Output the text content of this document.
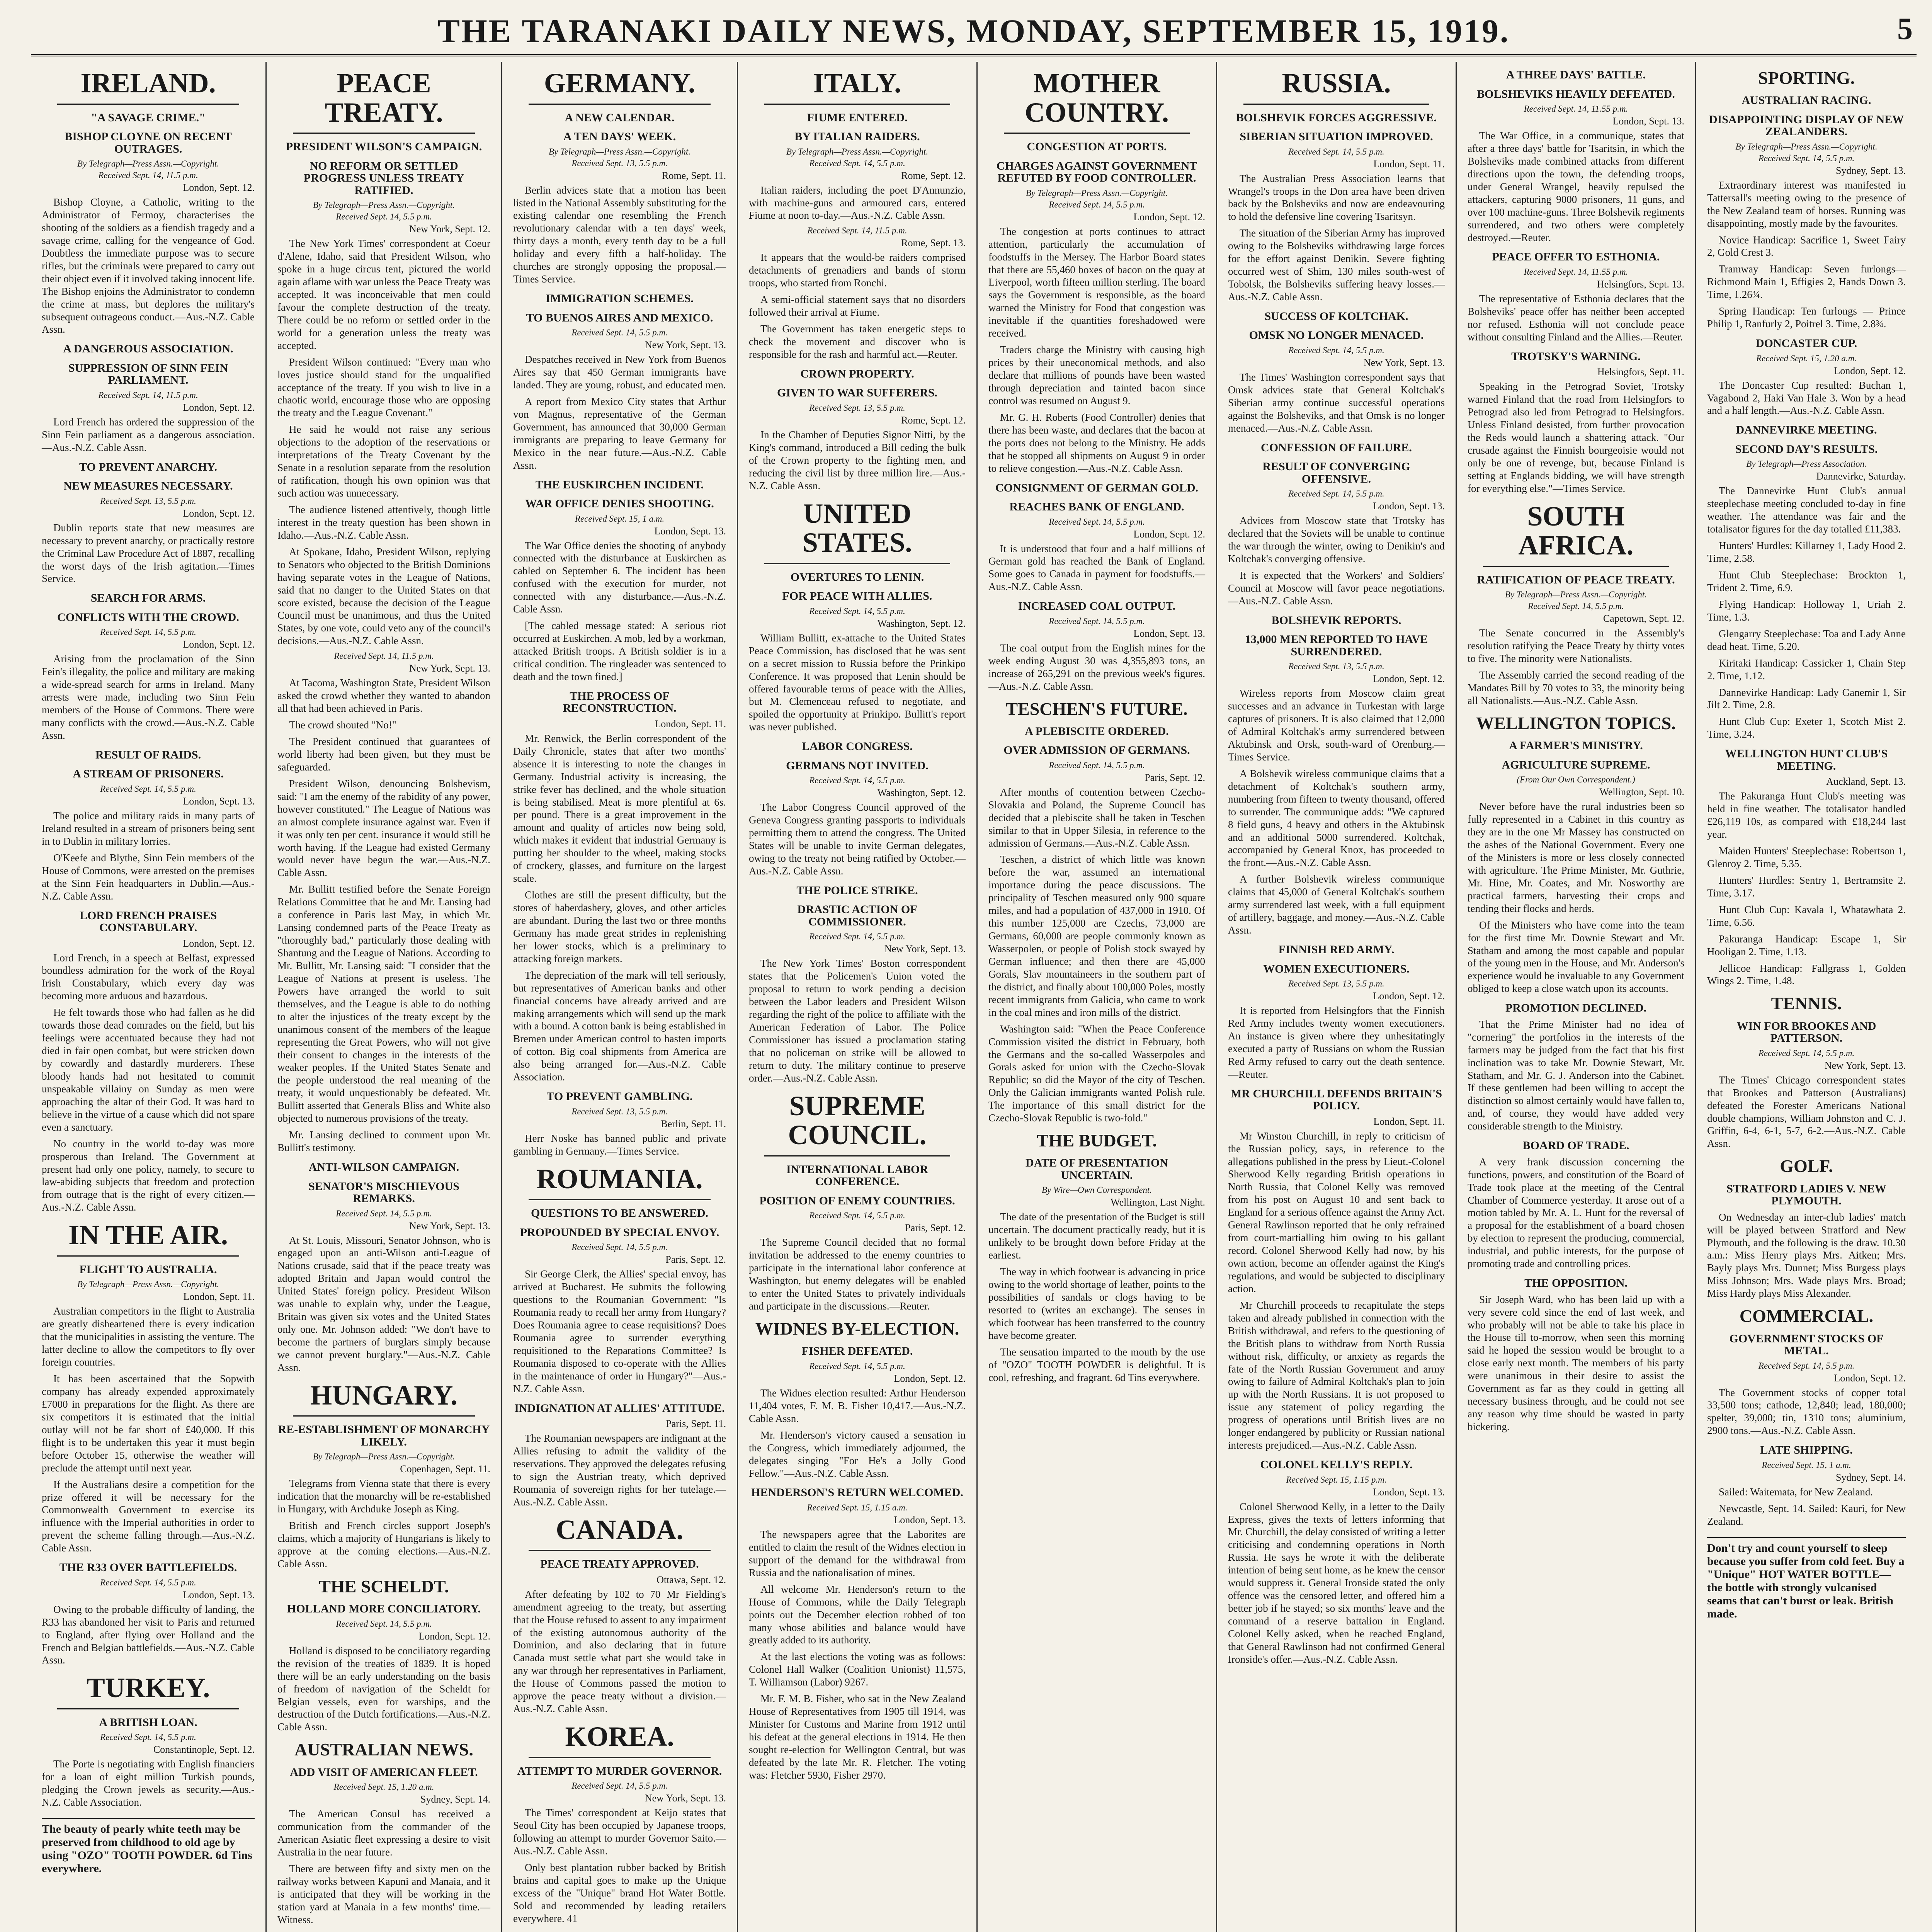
THE TARANAKI DAILY NEWS, MONDAY, SEPTEMBER 15, 1919.	5
IRELAND.
"A SAVAGE CRIME."
BISHOP CLOYNE ON RECENT OUTRAGES.
By Telegraph—Press Assn.—Copyright.
Received Sept. 14, 11.5 p.m.
London, Sept. 12.

Bishop Cloyne, a Catholic, writing to the Administrator of Fermoy, characterises the shooting of the soldiers as a fiendish tragedy and a savage crime, calling for the vengeance of God. Doubtless the immediate purpose was to secure rifles, but the criminals were prepared to carry out their object even if it involved taking innocent life. The Bishop enjoins the Administrator to condemn the crime at mass, but deplores the military's subsequent outrageous conduct.—Aus.-N.Z. Cable Assn.

A DANGEROUS ASSOCIATION.
SUPPRESSION OF SINN FEIN PARLIAMENT.
Received Sept. 14, 11.5 p.m.
London, Sept. 12.

Lord French has ordered the suppression of the Sinn Fein parliament as a dangerous association.—Aus.-N.Z. Cable Assn.

TO PREVENT ANARCHY.
NEW MEASURES NECESSARY.
Received Sept. 13, 5.5 p.m.
London, Sept. 12.

Dublin reports state that new measures are necessary to prevent anarchy, or practically restore the Criminal Law Procedure Act of 1887, recalling the worst days of the Irish agitation.—Times Service.

SEARCH FOR ARMS.
CONFLICTS WITH THE CROWD.
Received Sept. 14, 5.5 p.m.
London, Sept. 12.

Arising from the proclamation of the Sinn Fein's illegality, the police and military are making a wide-spread search for arms in Ireland. Many arrests were made, including two Sinn Fein members of the House of Commons. There were many conflicts with the crowd.—Aus.-N.Z. Cable Assn.

RESULT OF RAIDS.
A STREAM OF PRISONERS.
Received Sept. 14, 5.5 p.m.
London, Sept. 13.

The police and military raids in many parts of Ireland resulted in a stream of prisoners being sent in to Dublin in military lorries.

O'Keefe and Blythe, Sinn Fein members of the House of Commons, were arrested on the premises at the Sinn Fein headquarters in Dublin.—Aus.-N.Z. Cable Assn.

LORD FRENCH PRAISES CONSTABULARY.
London, Sept. 12.

Lord French, in a speech at Belfast, expressed boundless admiration for the work of the Royal Irish Constabulary, which every day was becoming more arduous and hazardous.

He felt towards those who had fallen as he did towards those dead comrades on the field, but his feelings were accentuated because they had not died in fair open combat, but were stricken down by cowardly and dastardly murderers. These bloody hands had not hesitated to commit unspeakable villainy on Sunday as men were approaching the altar of their God. It was hard to believe in the virtue of a cause which did not spare even a sanctuary.

No country in the world to-day was more prosperous than Ireland. The Government at present had only one policy, namely, to secure to law-abiding subjects that freedom and protection from outrage that is the right of every citizen.—Aus.-N.Z. Cable Assn.

IN THE AIR.
FLIGHT TO AUSTRALIA.
By Telegraph—Press Assn.—Copyright.
London, Sept. 11.

Australian competitors in the flight to Australia are greatly disheartened there is every indication that the municipalities in assisting the venture. The latter decline to allow the competitors to fly over foreign countries.

It has been ascertained that the Sopwith company has already expended approximately £7000 in preparations for the flight. As there are six competitors it is estimated that the initial outlay will not be far short of £40,000. If this flight is to be undertaken this year it must begin before October 15, otherwise the weather will preclude the attempt until next year.

If the Australians desire a competition for the prize offered it will be necessary for the Commonwealth Government to exercise its influence with the Imperial authorities in order to prevent the scheme falling through.—Aus.-N.Z. Cable Assn.

THE R33 OVER BATTLEFIELDS.
Received Sept. 14, 5.5 p.m.
London, Sept. 13.

Owing to the probable difficulty of landing, the R33 has abandoned her visit to Paris and returned to England, after flying over Holland and the French and Belgian battlefields.—Aus.-N.Z. Cable Assn.

TURKEY.
A BRITISH LOAN.
Received Sept. 14, 5.5 p.m.
Constantinople, Sept. 12.

The Porte is negotiating with English financiers for a loan of eight million Turkish pounds, pledging the Crown jewels as security.—Aus.-N.Z. Cable Association.

The beauty of pearly white teeth may be preserved from childhood to old age by using "OZO" TOOTH POWDER. 6d Tins everywhere.
PEACE TREATY.
PRESIDENT WILSON'S CAMPAIGN.
NO REFORM OR SETTLED PROGRESS UNLESS TREATY RATIFIED.
By Telegraph—Press Assn.—Copyright.
Received Sept. 14, 5.5 p.m.
New York, Sept. 12.

The New York Times' correspondent at Coeur d'Alene, Idaho, said that President Wilson, who spoke in a huge circus tent, pictured the world again aflame with war unless the Peace Treaty was accepted. It was inconceivable that men could favour the complete destruction of the treaty. There could be no reform or settled order in the world for a generation unless the treaty was accepted.

President Wilson continued: "Every man who loves justice should stand for the unqualified acceptance of the treaty. If you wish to live in a chaotic world, encourage those who are opposing the treaty and the League Covenant."

He said he would not raise any serious objections to the adoption of the reservations or interpretations of the Treaty Covenant by the Senate in a resolution separate from the resolution of ratification, though his own opinion was that such action was unnecessary.

The audience listened attentively, though little interest in the treaty question has been shown in Idaho.—Aus.-N.Z. Cable Assn.

At Spokane, Idaho, President Wilson, replying to Senators who objected to the British Dominions having separate votes in the League of Nations, said that no danger to the United States on that score existed, because the decision of the League Council must be unanimous, and thus the United States, by one vote, could veto any of the council's decisions.—Aus.-N.Z. Cable Assn.

Received Sept. 14, 11.5 p.m.
New York, Sept. 13.

At Tacoma, Washington State, President Wilson asked the crowd whether they wanted to abandon all that had been achieved in Paris.

The crowd shouted "No!"

The President continued that guarantees of world liberty had been given, but they must be safeguarded.

President Wilson, denouncing Bolshevism, said: "I am the enemy of the rabidity of any power, however constituted." The League of Nations was an almost complete insurance against war. Even if it was only ten per cent. insurance it would still be worth having. If the League had existed Germany would never have begun the war.—Aus.-N.Z. Cable Assn.

Mr. Bullitt testified before the Senate Foreign Relations Committee that he and Mr. Lansing had a conference in Paris last May, in which Mr. Lansing condemned parts of the Peace Treaty as "thoroughly bad," particularly those dealing with Shantung and the League of Nations. According to Mr. Bullitt, Mr. Lansing said: "I consider that the League of Nations at present is useless. The Powers have arranged the world to suit themselves, and the League is able to do nothing to alter the injustices of the treaty except by the unanimous consent of the members of the league representing the Great Powers, who will not give their consent to changes in the interests of the weaker peoples. If the United States Senate and the people understood the real meaning of the treaty, it would unquestionably be defeated. Mr. Bullitt asserted that Generals Bliss and White also objected to numerous provisions of the treaty.

Mr. Lansing declined to comment upon Mr. Bullitt's testimony.

ANTI-WILSON CAMPAIGN.
SENATOR'S MISCHIEVOUS REMARKS.
Received Sept. 14, 5.5 p.m.
New York, Sept. 13.

At St. Louis, Missouri, Senator Johnson, who is engaged upon an anti-Wilson anti-League of Nations crusade, said that if the peace treaty was adopted Britain and Japan would control the United States' foreign policy. President Wilson was unable to explain why, under the League, Britain was given six votes and the United States only one. Mr. Johnson added: "We don't have to become the partners of burglars simply because we cannot prevent burglary."—Aus.-N.Z. Cable Assn.

HUNGARY.
RE-ESTABLISHMENT OF MONARCHY LIKELY.
By Telegraph—Press Assn.—Copyright.
Copenhagen, Sept. 11.

Telegrams from Vienna state that there is every indication that the monarchy will be re-established in Hungary, with Archduke Joseph as King.

British and French circles support Joseph's claims, which a majority of Hungarians is likely to approve at the coming elections.—Aus.-N.Z. Cable Assn.

THE SCHELDT.
HOLLAND MORE CONCILIATORY.
Received Sept. 14, 5.5 p.m.
London, Sept. 12.

Holland is disposed to be conciliatory regarding the revision of the treaties of 1839. It is hoped there will be an early understanding on the basis of freedom of navigation of the Scheldt for Belgian vessels, even for warships, and the destruction of the Dutch fortifications.—Aus.-N.Z. Cable Assn.

AUSTRALIAN NEWS.
ADD VISIT OF AMERICAN FLEET.
Received Sept. 15, 1.20 a.m.
Sydney, Sept. 14.

The American Consul has received a communication from the commander of the American Asiatic fleet expressing a desire to visit Australia in the near future.

There are between fifty and sixty men on the railway works between Kapuni and Manaia, and it is anticipated that they will be working in the station yard at Manaia in a few months' time.—Witness.

GERMANY.
A NEW CALENDAR.
A TEN DAYS' WEEK.
By Telegraph—Press Assn.—Copyright.
Received Sept. 13, 5.5 p.m.
Rome, Sept. 11.

Berlin advices state that a motion has been listed in the National Assembly substituting for the existing calendar one resembling the French revolutionary calendar with a ten days' week, thirty days a month, every tenth day to be a full holiday and every fifth a half-holiday. The churches are strongly opposing the proposal.—Times Service.

IMMIGRATION SCHEMES.
TO BUENOS AIRES AND MEXICO.
Received Sept. 14, 5.5 p.m.
New York, Sept. 13.

Despatches received in New York from Buenos Aires say that 450 German immigrants have landed. They are young, robust, and educated men.

A report from Mexico City states that Arthur von Magnus, representative of the German Government, has announced that 30,000 German immigrants are preparing to leave Germany for Mexico in the near future.—Aus.-N.Z. Cable Assn.

THE EUSKIRCHEN INCIDENT.
WAR OFFICE DENIES SHOOTING.
Received Sept. 15, 1 a.m.
London, Sept. 13.

The War Office denies the shooting of anybody connected with the disturbance at Euskirchen as cabled on September 6. The incident has been confused with the execution for murder, not connected with any disturbance.—Aus.-N.Z. Cable Assn.

[The cabled message stated: A serious riot occurred at Euskirchen. A mob, led by a workman, attacked British troops. A British soldier is in a critical condition. The ringleader was sentenced to death and the town fined.]

THE PROCESS OF RECONSTRUCTION.
London, Sept. 11.

Mr. Renwick, the Berlin correspondent of the Daily Chronicle, states that after two months' absence it is interesting to note the changes in Germany. Industrial activity is increasing, the strike fever has declined, and the whole situation is being stabilised. Meat is more plentiful at 6s. per pound. There is a great improvement in the amount and quality of articles now being sold, which makes it evident that industrial Germany is putting her shoulder to the wheel, making stocks of crockery, glasses, and furniture on the largest scale.

Clothes are still the present difficulty, but the stores of haberdashery, gloves, and other articles are abundant. During the last two or three months Germany has made great strides in replenishing her lower stocks, which is a preliminary to attacking foreign markets.

The depreciation of the mark will tell seriously, but representatives of American banks and other financial concerns have already arrived and are making arrangements which will send up the mark with a bound. A cotton bank is being established in Bremen under American control to hasten imports of cotton. Big coal shipments from America are also being arranged for.—Aus.-N.Z. Cable Association.

TO PREVENT GAMBLING.
Received Sept. 13, 5.5 p.m.
Berlin, Sept. 11.

Herr Noske has banned public and private gambling in Germany.—Times Service.

ROUMANIA.
QUESTIONS TO BE ANSWERED.
PROPOUNDED BY SPECIAL ENVOY.
Received Sept. 14, 5.5 p.m.
Paris, Sept. 12.

Sir George Clerk, the Allies' special envoy, has arrived at Bucharest. He submits the following questions to the Roumanian Government: "Is Roumania ready to recall her army from Hungary? Does Roumania agree to cease requisitions? Does Roumania agree to surrender everything requisitioned to the Reparations Committee? Is Roumania disposed to co-operate with the Allies in the maintenance of order in Hungary?"—Aus.-N.Z. Cable Assn.

INDIGNATION AT ALLIES' ATTITUDE.
Paris, Sept. 11.

The Roumanian newspapers are indignant at the Allies refusing to admit the validity of the reservations. They approved the delegates refusing to sign the Austrian treaty, which deprived Roumania of sovereign rights for her tutelage.—Aus.-N.Z. Cable Assn.

CANADA.
PEACE TREATY APPROVED.
Ottawa, Sept. 12.

After defeating by 102 to 70 Mr Fielding's amendment agreeing to the treaty, but asserting that the House refused to assent to any impairment of the existing autonomous authority of the Dominion, and also declaring that in future Canada must settle what part she would take in any war through her representatives in Parliament, the House of Commons passed the motion to approve the peace treaty without a division.—Aus.-N.Z. Cable Assn.

KOREA.
ATTEMPT TO MURDER GOVERNOR.
Received Sept. 14, 5.5 p.m.
New York, Sept. 13.

The Times' correspondent at Keijo states that Seoul City has been occupied by Japanese troops, following an attempt to murder Governor Saito.—Aus.-N.Z. Cable Assn.

Only best plantation rubber backed by British brains and capital goes to make up the Unique excess of the "Unique" brand Hot Water Bottle. Sold and recommended by leading retailers everywhere. 41

ITALY.
FIUME ENTERED.
BY ITALIAN RAIDERS.
By Telegraph—Press Assn.—Copyright.
Received Sept. 14, 5.5 p.m.
Rome, Sept. 12.

Italian raiders, including the poet D'Annunzio, with machine-guns and armoured cars, entered Fiume at noon to-day.—Aus.-N.Z. Cable Assn.

Received Sept. 14, 11.5 p.m.
Rome, Sept. 13.

It appears that the would-be raiders comprised detachments of grenadiers and bands of storm troops, who started from Ronchi.

A semi-official statement says that no disorders followed their arrival at Fiume.

The Government has taken energetic steps to check the movement and discover who is responsible for the rash and harmful act.—Reuter.

CROWN PROPERTY.
GIVEN TO WAR SUFFERERS.
Received Sept. 13, 5.5 p.m.
Rome, Sept. 12.

In the Chamber of Deputies Signor Nitti, by the King's command, introduced a Bill ceding the bulk of the Crown property to the fighting men, and reducing the civil list by three million lire.—Aus.-N.Z. Cable Assn.

UNITED STATES.
OVERTURES TO LENIN.
FOR PEACE WITH ALLIES.
Received Sept. 14, 5.5 p.m.
Washington, Sept. 12.

William Bullitt, ex-attache to the United States Peace Commission, has disclosed that he was sent on a secret mission to Russia before the Prinkipo Conference. It was proposed that Lenin should be offered favourable terms of peace with the Allies, but M. Clemenceau refused to negotiate, and spoiled the opportunity at Prinkipo. Bullitt's report was never published.

LABOR CONGRESS.
GERMANS NOT INVITED.
Received Sept. 14, 5.5 p.m.
Washington, Sept. 12.

The Labor Congress Council approved of the Geneva Congress granting passports to individuals permitting them to attend the congress. The United States will be unable to invite German delegates, owing to the treaty not being ratified by October.—Aus.-N.Z. Cable Assn.

THE POLICE STRIKE.
DRASTIC ACTION OF COMMISSIONER.
Received Sept. 14, 5.5 p.m.
New York, Sept. 13.

The New York Times' Boston correspondent states that the Policemen's Union voted the proposal to return to work pending a decision between the Labor leaders and President Wilson regarding the right of the police to affiliate with the American Federation of Labor. The Police Commissioner has issued a proclamation stating that no policeman on strike will be allowed to return to duty. The military continue to preserve order.—Aus.-N.Z. Cable Assn.

SUPREME COUNCIL.
INTERNATIONAL LABOR CONFERENCE.
POSITION OF ENEMY COUNTRIES.
Received Sept. 14, 5.5 p.m.
Paris, Sept. 12.

The Supreme Council decided that no formal invitation be addressed to the enemy countries to participate in the international labor conference at Washington, but enemy delegates will be enabled to enter the United States to privately individuals and participate in the discussions.—Reuter.

WIDNES BY-ELECTION.
FISHER DEFEATED.
Received Sept. 14, 5.5 p.m.
London, Sept. 12.

The Widnes election resulted: Arthur Henderson 11,404 votes, F. M. B. Fisher 10,417.—Aus.-N.Z. Cable Assn.

Mr. Henderson's victory caused a sensation in the Congress, which immediately adjourned, the delegates singing "For He's a Jolly Good Fellow."—Aus.-N.Z. Cable Assn.

HENDERSON'S RETURN WELCOMED.
Received Sept. 15, 1.15 a.m.
London, Sept. 13.

The newspapers agree that the Laborites are entitled to claim the result of the Widnes election in support of the demand for the withdrawal from Russia and the nationalisation of mines.

All welcome Mr. Henderson's return to the House of Commons, while the Daily Telegraph points out the December election robbed of too many whose abilities and balance would have greatly added to its authority.

At the last elections the voting was as follows: Colonel Hall Walker (Coalition Unionist) 11,575, T. Williamson (Labor) 9267.

Mr. F. M. B. Fisher, who sat in the New Zealand House of Representatives from 1905 till 1914, was Minister for Customs and Marine from 1912 until his defeat at the general elections in 1914. He then sought re-election for Wellington Central, but was defeated by the late Mr. R. Fletcher. The voting was: Fletcher 5930, Fisher 2970.

MOTHER COUNTRY.
CONGESTION AT PORTS.
CHARGES AGAINST GOVERNMENT REFUTED BY FOOD CONTROLLER.
By Telegraph—Press Assn.—Copyright.
Received Sept. 14, 5.5 p.m.
London, Sept. 12.

The congestion at ports continues to attract attention, particularly the accumulation of foodstuffs in the Mersey. The Harbor Board states that there are 55,460 boxes of bacon on the quay at Liverpool, worth fifteen million sterling. The board says the Government is responsible, as the board warned the Ministry for Food that congestion was inevitable if the quantities foreshadowed were received.

Traders charge the Ministry with causing high prices by their uneconomical methods, and also declare that millions of pounds have been wasted through depreciation and tainted bacon since control was resumed on August 9.

Mr. G. H. Roberts (Food Controller) denies that there has been waste, and declares that the bacon at the ports does not belong to the Ministry. He adds that he stopped all shipments on August 9 in order to relieve congestion.—Aus.-N.Z. Cable Assn.

CONSIGNMENT OF GERMAN GOLD.
REACHES BANK OF ENGLAND.
Received Sept. 14, 5.5 p.m.
London, Sept. 12.

It is understood that four and a half millions of German gold has reached the Bank of England. Some goes to Canada in payment for foodstuffs.—Aus.-N.Z. Cable Assn.

INCREASED COAL OUTPUT.
Received Sept. 14, 5.5 p.m.
London, Sept. 13.

The coal output from the English mines for the week ending August 30 was 4,355,893 tons, an increase of 265,291 on the previous week's figures.—Aus.-N.Z. Cable Assn.

TESCHEN'S FUTURE.
A PLEBISCITE ORDERED.
OVER ADMISSION OF GERMANS.
Received Sept. 14, 5.5 p.m.
Paris, Sept. 12.

After months of contention between Czecho-Slovakia and Poland, the Supreme Council has decided that a plebiscite shall be taken in Teschen similar to that in Upper Silesia, in reference to the admission of Germans.—Aus.-N.Z. Cable Assn.

Teschen, a district of which little was known before the war, assumed an international importance during the peace discussions. The principality of Teschen measured only 900 square miles, and had a population of 437,000 in 1910. Of this number 125,000 are Czechs, 73,000 are Germans, 60,000 are people commonly known as Wasserpolen, or people of Polish stock swayed by German influence; and then there are 45,000 Gorals, Slav mountaineers in the southern part of the district, and finally about 100,000 Poles, mostly recent immigrants from Galicia, who came to work in the coal mines and iron mills of the district.

Washington said: "When the Peace Conference Commission visited the district in February, both the Germans and the so-called Wasserpoles and Gorals asked for union with the Czecho-Slovak Republic; so did the Mayor of the city of Teschen. Only the Galician immigrants wanted Polish rule. The importance of this small district for the Czecho-Slovak Republic is two-fold."

THE BUDGET.
DATE OF PRESENTATION UNCERTAIN.
By Wire—Own Correspondent.
Wellington, Last Night.

The date of the presentation of the Budget is still uncertain. The document practically ready, but it is unlikely to be brought down before Friday at the earliest.

The way in which footwear is advancing in price owing to the world shortage of leather, points to the possibilities of sandals or clogs having to be resorted to (writes an exchange). The senses in which footwear has been transferred to the country have become greater.

The sensation imparted to the mouth by the use of "OZO" TOOTH POWDER is delightful. It is cool, refreshing, and fragrant. 6d Tins everywhere.

RUSSIA.
BOLSHEVIK FORCES AGGRESSIVE.
SIBERIAN SITUATION IMPROVED.
Received Sept. 14, 5.5 p.m.
London, Sept. 11.

The Australian Press Association learns that Wrangel's troops in the Don area have been driven back by the Bolsheviks and now are endeavouring to hold the defensive line covering Tsaritsyn.

The situation of the Siberian Army has improved owing to the Bolsheviks withdrawing large forces for the effort against Denikin. Severe fighting occurred west of Shim, 130 miles south-west of Tobolsk, the Bolsheviks suffering heavy losses.—Aus.-N.Z. Cable Assn.

SUCCESS OF KOLTCHAK.
OMSK NO LONGER MENACED.
Received Sept. 14, 5.5 p.m.
New York, Sept. 13.

The Times' Washington correspondent says that Omsk advices state that General Koltchak's Siberian army continue successful operations against the Bolsheviks, and that Omsk is no longer menaced.—Aus.-N.Z. Cable Assn.

CONFESSION OF FAILURE.
RESULT OF CONVERGING OFFENSIVE.
Received Sept. 14, 5.5 p.m.
London, Sept. 13.

Advices from Moscow state that Trotsky has declared that the Soviets will be unable to continue the war through the winter, owing to Denikin's and Koltchak's converging offensive.

It is expected that the Workers' and Soldiers' Council at Moscow will favor peace negotiations.—Aus.-N.Z. Cable Assn.

BOLSHEVIK REPORTS.
13,000 MEN REPORTED TO HAVE SURRENDERED.
Received Sept. 13, 5.5 p.m.
London, Sept. 12.

Wireless reports from Moscow claim great successes and an advance in Turkestan with large captures of prisoners. It is also claimed that 12,000 of Admiral Koltchak's army surrendered between Aktubinsk and Orsk, south-ward of Orenburg.—Times Service.

A Bolshevik wireless communique claims that a detachment of Koltchak's southern army, numbering from fifteen to twenty thousand, offered to surrender. The communique adds: "We captured 8 field guns, 4 heavy and others in the Aktubinsk and an additional 5000 surrendered. Koltchak, accompanied by General Knox, has proceeded to the front.—Aus.-N.Z. Cable Assn.

A further Bolshevik wireless communique claims that 45,000 of General Koltchak's southern army surrendered last week, with a full equipment of artillery, baggage, and money.—Aus.-N.Z. Cable Assn.

FINNISH RED ARMY.
WOMEN EXECUTIONERS.
Received Sept. 13, 5.5 p.m.
London, Sept. 12.

It is reported from Helsingfors that the Finnish Red Army includes twenty women executioners. An instance is given where they unhesitatingly executed a party of Russians on whom the Russian Red Army refused to carry out the death sentence.—Reuter.

MR CHURCHILL DEFENDS BRITAIN'S POLICY.
London, Sept. 11.

Mr Winston Churchill, in reply to criticism of the Russian policy, says, in reference to the allegations published in the press by Lieut.-Colonel Sherwood Kelly regarding British operations in North Russia, that Colonel Kelly was removed from his post on August 10 and sent back to England for a serious offence against the Army Act. General Rawlinson reported that he only refrained from court-martialling him owing to his gallant record. Colonel Sherwood Kelly had now, by his own action, become an offender against the King's regulations, and would be subjected to disciplinary action.

Mr Churchill proceeds to recapitulate the steps taken and already published in connection with the British withdrawal, and refers to the questioning of the British plans to withdraw from North Russia without risk, difficulty, or anxiety as regards the fate of the North Russian Government and army owing to failure of Admiral Koltchak's plan to join up with the North Russians. It is not proposed to issue any statement of policy regarding the progress of operations until British lives are no longer endangered by publicity or Russian national interests prejudiced.—Aus.-N.Z. Cable Assn.

COLONEL KELLY'S REPLY.
Received Sept. 15, 1.15 p.m.
London, Sept. 13.

Colonel Sherwood Kelly, in a letter to the Daily Express, gives the texts of letters informing that Mr. Churchill, the delay consisted of writing a letter criticising and condemning operations in North Russia. He says he wrote it with the deliberate intention of being sent home, as he knew the censor would suppress it. General Ironside stated the only offence was the censored letter, and offered him a better job if he stayed; so six months' leave and the command of a reserve battalion in England. Colonel Kelly asked, when he reached England, that General Rawlinson had not confirmed General Ironside's offer.—Aus.-N.Z. Cable Assn.

A THREE DAYS' BATTLE.
BOLSHEVIKS HEAVILY DEFEATED.
Received Sept. 14, 11.55 p.m.
London, Sept. 13.

The War Office, in a communique, states that after a three days' battle for Tsaritsin, in which the Bolsheviks made combined attacks from different directions upon the town, the defending troops, under General Wrangel, heavily repulsed the attackers, capturing 9000 prisoners, 11 guns, and over 100 machine-guns. Three Bolshevik regiments surrendered, and two others were completely destroyed.—Reuter.

PEACE OFFER TO ESTHONIA.
Received Sept. 14, 11.55 p.m.
Helsingfors, Sept. 13.

The representative of Esthonia declares that the Bolsheviks' peace offer has neither been accepted nor refused. Esthonia will not conclude peace without consulting Finland and the Allies.—Reuter.

TROTSKY'S WARNING.
Helsingfors, Sept. 11.

Speaking in the Petrograd Soviet, Trotsky warned Finland that the road from Helsingfors to Petrograd also led from Petrograd to Helsingfors. Unless Finland desisted, from further provocation the Reds would launch a shattering attack. "Our crusade against the Finnish bourgeoisie would not only be one of revenge, but, because Finland is setting at Englands bidding, we will have strength for everything else."—Times Service.

SOUTH AFRICA.
RATIFICATION OF PEACE TREATY.
By Telegraph—Press Assn.—Copyright.
Received Sept. 14, 5.5 p.m.
Capetown, Sept. 12.

The Senate concurred in the Assembly's resolution ratifying the Peace Treaty by thirty votes to five. The minority were Nationalists.

The Assembly carried the second reading of the Mandates Bill by 70 votes to 33, the minority being all Nationalists.—Aus.-N.Z. Cable Assn.

WELLINGTON TOPICS.
A FARMER'S MINISTRY.
AGRICULTURE SUPREME.
(From Our Own Correspondent.)
Wellington, Sept. 10.

Never before have the rural industries been so fully represented in a Cabinet in this country as they are in the one Mr Massey has constructed on the ashes of the National Government. Every one of the Ministers is more or less closely connected with agriculture. The Prime Minister, Mr. Guthrie, Mr. Hine, Mr. Coates, and Mr. Nosworthy are practical farmers, harvesting their crops and tending their flocks and herds.

Of the Ministers who have come into the team for the first time Mr. Downie Stewart and Mr. Statham and among the most capable and popular of the young men in the House, and Mr. Anderson's experience would be invaluable to any Government obliged to keep a close watch upon its accounts.

PROMOTION DECLINED.

That the Prime Minister had no idea of "cornering" the portfolios in the interests of the farmers may be judged from the fact that his first inclination was to take Mr. Downie Stewart, Mr. Statham, and Mr. G. J. Anderson into the Cabinet. If these gentlemen had been willing to accept the distinction so almost certainly would have fallen to, and, of course, they would have added very considerable strength to the Ministry.

BOARD OF TRADE.

A very frank discussion concerning the functions, powers, and constitution of the Board of Trade took place at the meeting of the Central Chamber of Commerce yesterday. It arose out of a motion tabled by Mr. A. L. Hunt for the reversal of a proposal for the establishment of a board chosen by election to represent the producing, commercial, industrial, and public interests, for the purpose of promoting trade and controlling prices.

THE OPPOSITION.

Sir Joseph Ward, who has been laid up with a very severe cold since the end of last week, and who probably will not be able to take his place in the House till to-morrow, when seen this morning said he hoped the session would be brought to a close early next month. The members of his party were unanimous in their desire to assist the Government as far as they could in getting all necessary business through, and he could not see any reason why time should be wasted in party bickering.

SPORTING.
AUSTRALIAN RACING.
DISAPPOINTING DISPLAY OF NEW ZEALANDERS.
By Telegraph—Press Assn.—Copyright.
Received Sept. 14, 5.5 p.m.
Sydney, Sept. 13.

Extraordinary interest was manifested in Tattersall's meeting owing to the presence of the New Zealand team of horses. Running was disappointing, mostly made by the favourites.

Novice Handicap: Sacrifice 1, Sweet Fairy 2, Gold Crest 3.

Tramway Handicap: Seven furlongs—Richmond Main 1, Effigies 2, Hands Down 3. Time, 1.26¾.

Spring Handicap: Ten furlongs — Prince Philip 1, Ranfurly 2, Poitrel 3. Time, 2.8¾.

DONCASTER CUP.
Received Sept. 15, 1.20 a.m.
London, Sept. 12.

The Doncaster Cup resulted: Buchan 1, Vagabond 2, Haki Van Hale 3. Won by a head and a half length.—Aus.-N.Z. Cable Assn.

DANNEVIRKE MEETING.
SECOND DAY'S RESULTS.
By Telegraph—Press Association.
Dannevirke, Saturday.

The Dannevirke Hunt Club's annual steeplechase meeting concluded to-day in fine weather. The attendance was fair and the totalisator figures for the day totalled £11,383.

Hunters' Hurdles: Killarney 1, Lady Hood 2. Time, 2.58.

Hunt Club Steeplechase: Brockton 1, Trident 2. Time, 6.9.

Flying Handicap: Holloway 1, Uriah 2. Time, 1.3.

Glengarry Steeplechase: Toa and Lady Anne dead heat. Time, 5.20.

Kiritaki Handicap: Cassicker 1, Chain Step 2. Time, 1.12.

Dannevirke Handicap: Lady Ganemir 1, Sir Jilt 2. Time, 2.8.

Hunt Club Cup: Exeter 1, Scotch Mist 2. Time, 3.24.

WELLINGTON HUNT CLUB'S MEETING.
Auckland, Sept. 13.

The Pakuranga Hunt Club's meeting was held in fine weather. The totalisator handled £26,119 10s, as compared with £18,244 last year.

Maiden Hunters' Steeplechase: Robertson 1, Glenroy 2. Time, 5.35.

Hunters' Hurdles: Sentry 1, Bertramsite 2. Time, 3.17.

Hunt Club Cup: Kavala 1, Whatawhata 2. Time, 6.56.

Pakuranga Handicap: Escape 1, Sir Hooligan 2. Time, 1.13.

Jellicoe Handicap: Fallgrass 1, Golden Wings 2. Time, 1.48.

TENNIS.
WIN FOR BROOKES AND PATTERSON.
Received Sept. 14, 5.5 p.m.
New York, Sept. 13.

The Times' Chicago correspondent states that Brookes and Patterson (Australians) defeated the Forester Americans National double champions, William Johnston and C. J. Griffin, 6-4, 6-1, 5-7, 6-2.—Aus.-N.Z. Cable Assn.

GOLF.
STRATFORD LADIES V. NEW PLYMOUTH.

On Wednesday an inter-club ladies' match will be played between Stratford and New Plymouth, and the following is the draw. 10.30 a.m.: Miss Henry plays Mrs. Aitken; Mrs. Bayly plays Mrs. Dunnet; Miss Burgess plays Miss Johnson; Mrs. Wade plays Mrs. Broad; Miss Hardy plays Miss Alexander.

COMMERCIAL.
GOVERNMENT STOCKS OF METAL.
Received Sept. 14, 5.5 p.m.
London, Sept. 12.

The Government stocks of copper total 33,500 tons; cathode, 12,840; lead, 180,000; spelter, 39,000; tin, 1310 tons; aluminium, 2900 tons.—Aus.-N.Z. Cable Assn.

LATE SHIPPING.
Received Sept. 15, 1 a.m.
Sydney, Sept. 14.

Sailed: Waitemata, for New Zealand.

Newcastle, Sept. 14. Sailed: Kauri, for New Zealand.

Don't try and count yourself to sleep because you suffer from cold feet. Buy a "Unique" HOT WATER BOTTLE—the bottle with strongly vulcanised seams that can't burst or leak. British made.
